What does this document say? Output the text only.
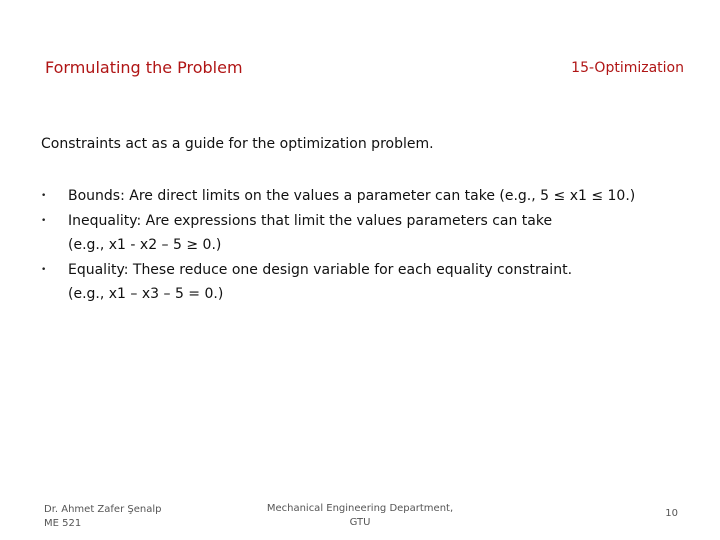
Formulating the Problem	15-Optimization
Constraints act as a guide for the optimization problem.
•	Bounds: Are direct limits on the values a parameter can take (e.g., 5 ≤ x1 ≤ 10.)
•	Inequality: Are expressions that limit the values parameters can take
(e.g., x1 - x2 – 5 ≥ 0.)
•	Equality: These reduce one design variable for each equality constraint.
(e.g., x1 – x3 – 5 = 0.)
Dr. Ahmet Zafer Şenalp
ME 521
Mechanical Engineering Department,
GTU
10
